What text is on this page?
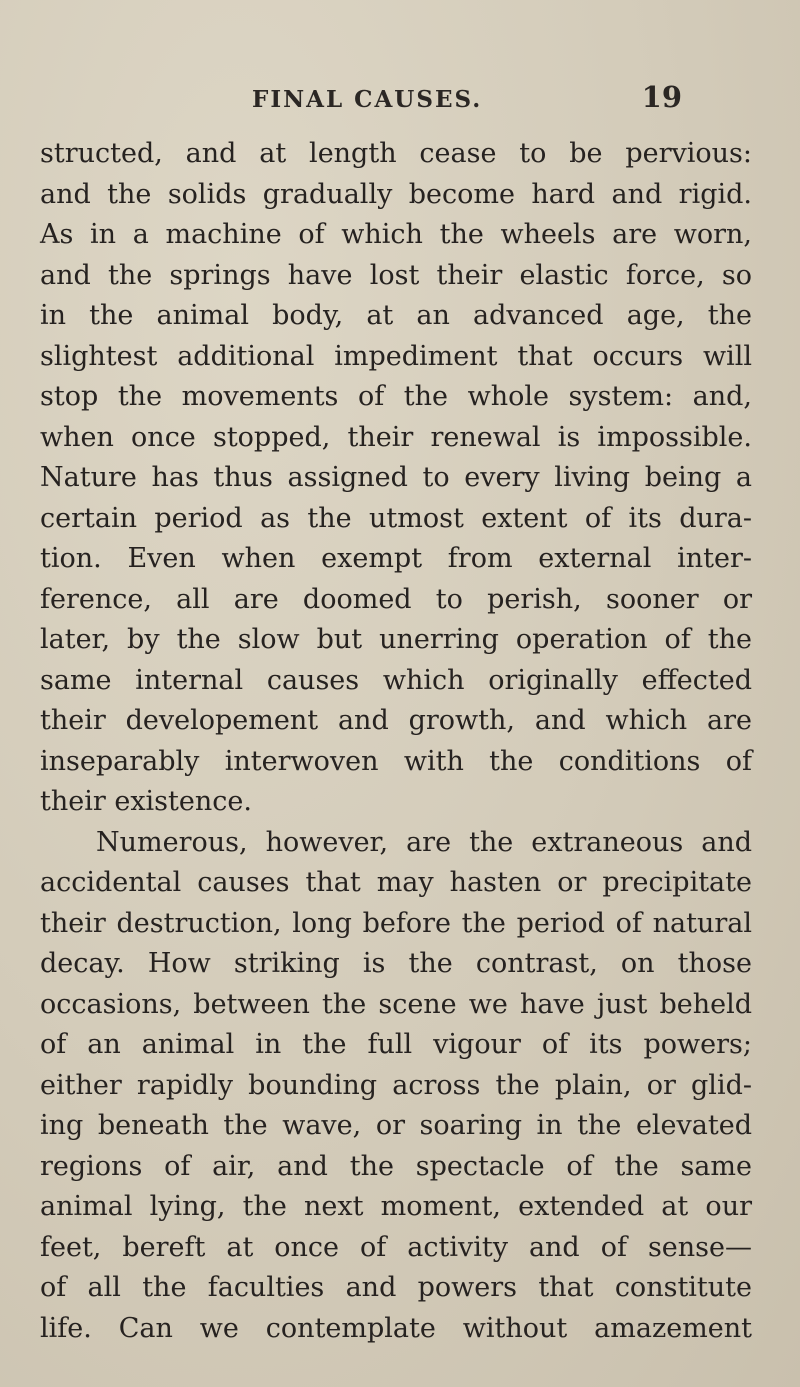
FINAL CAUSES.	19
structed, and at length cease to be pervious:
and the solids gradually become hard and rigid.
As in a machine of which the wheels are worn,
and the springs have lost their elastic force, so
in the animal body, at an advanced age, the
slightest additional impediment that occurs will
stop the movements of the whole system: and,
when once stopped, their renewal is impossible.
Nature has thus assigned to every living being a
certain period as the utmost extent of its dura-
tion. Even when exempt from external inter-
ference, all are doomed to perish, sooner or
later, by the slow but unerring operation of the
same internal causes which originally effected
their developement and growth, and which are
inseparably interwoven with the conditions of
their existence.
Numerous, however, are the extraneous and
accidental causes that may hasten or precipitate
their destruction, long before the period of natural
decay. How striking is the contrast, on those
occasions, between the scene we have just beheld
of an animal in the full vigour of its powers;
either rapidly bounding across the plain, or glid-
ing beneath the wave, or soaring in the elevated
regions of air, and the spectacle of the same
animal lying, the next moment, extended at our
feet, bereft at once of activity and of sense—
of all the faculties and powers that constitute
life. Can we contemplate without amazement
